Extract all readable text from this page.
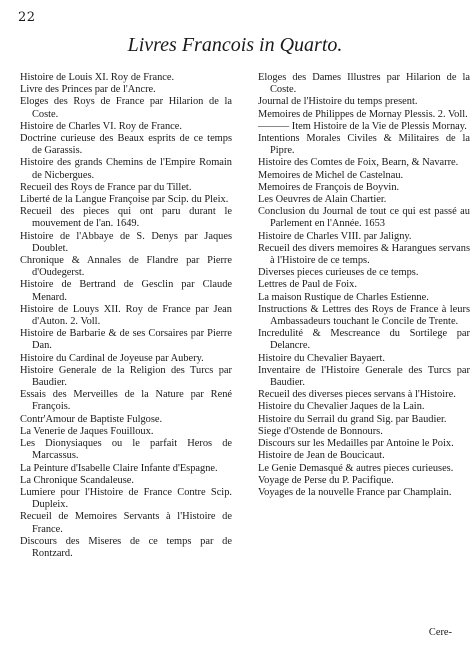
22
Livres Francois in Quarto.

Histoire de Louis XI. Roy de France.

Livre des Princes par de l'Ancre.

Eloges des Roys de France par Hilarion de la Coste.

Histoire de Charles VI. Roy de France.

Doctrine curieuse des Beaux esprits de ce temps de Garassis.

Histoire des grands Chemins de l'Empire Romain de Nicbergues.

Recueil des Roys de France par du Tillet.

Liberté de la Langue Françoise par Scip. du Pleix.

Recueil des pieces qui ont paru durant le mouvement de l'an. 1649.

Histoire de l'Abbaye de S. Denys par Jaques Doublet.

Chronique & Annales de Flandre par Pierre d'Oudegerst.

Histoire de Bertrand de Gesclin par Claude Menard.

Histoire de Louys XII. Roy de France par Jean d'Auton. 2. Voll.

Histoire de Barbarie & de ses Corsaires par Pierre Dan.

Histoire du Cardinal de Joyeuse par Aubery.

Histoire Generale de la Religion des Turcs par Baudier.

Essais des Merveilles de la Nature par René François.

Contr'Amour de Baptiste Fulgose.

La Venerie de Jaques Fouilloux.

Les Dionysiaques ou le parfait Heros de Marcassus.

La Peinture d'Isabelle Claire Infante d'Espagne.

La Chronique Scandaleuse.

Lumiere pour l'Histoire de France Contre Scip. Dupleix.

Recueil de Memoires Servants à l'Histoire de France.

Discours des Miseres de ce temps par de Rontzard.

Eloges des Dames Illustres par Hilarion de la Coste.

Journal de l'Histoire du temps present.

Memoires de Philippes de Mornay Plessis. 2. Voll.

——— Item Histoire de la Vie de Plessis Mornay.

Intentions Morales Civiles & Militaires de la Pipre.

Histoire des Comtes de Foix, Bearn, & Navarre.

Memoires de Michel de Castelnau.

Memoires de François de Boyvin.

Les Oeuvres de Alain Chartier.

Conclusion du Journal de tout ce qui est passé au Parlement en l'Année. 1653

Histoire de Charles VIII. par Jaligny.

Recueil des divers memoires & Harangues servans à l'Histoire de ce temps.

Diverses pieces curieuses de ce temps.

Lettres de Paul de Foix.

La maison Rustique de Charles Estienne.

Instructions & Lettres des Roys de France à leurs Ambassadeurs touchant le Concile de Trente.

Incredulité & Mescreance du Sortilege par Delancre.

Histoire du Chevalier Bayaert.

Inventaire de l'Histoire Generale des Turcs par Baudier.

Recueil des diverses pieces servans à l'Histoire.

Histoire du Chevalier Jaques de la Lain.

Histoire du Serrail du grand Sig. par Baudier.

Siege d'Ostende de Bonnours.

Discours sur les Medailles par Antoine le Poix.

Histoire de Jean de Boucicaut.

Le Genie Demasqué & autres pieces curieuses.

Voyage de Perse du P. Pacifique.

Voyages de la nouvelle France par Champlain.

Cere-
